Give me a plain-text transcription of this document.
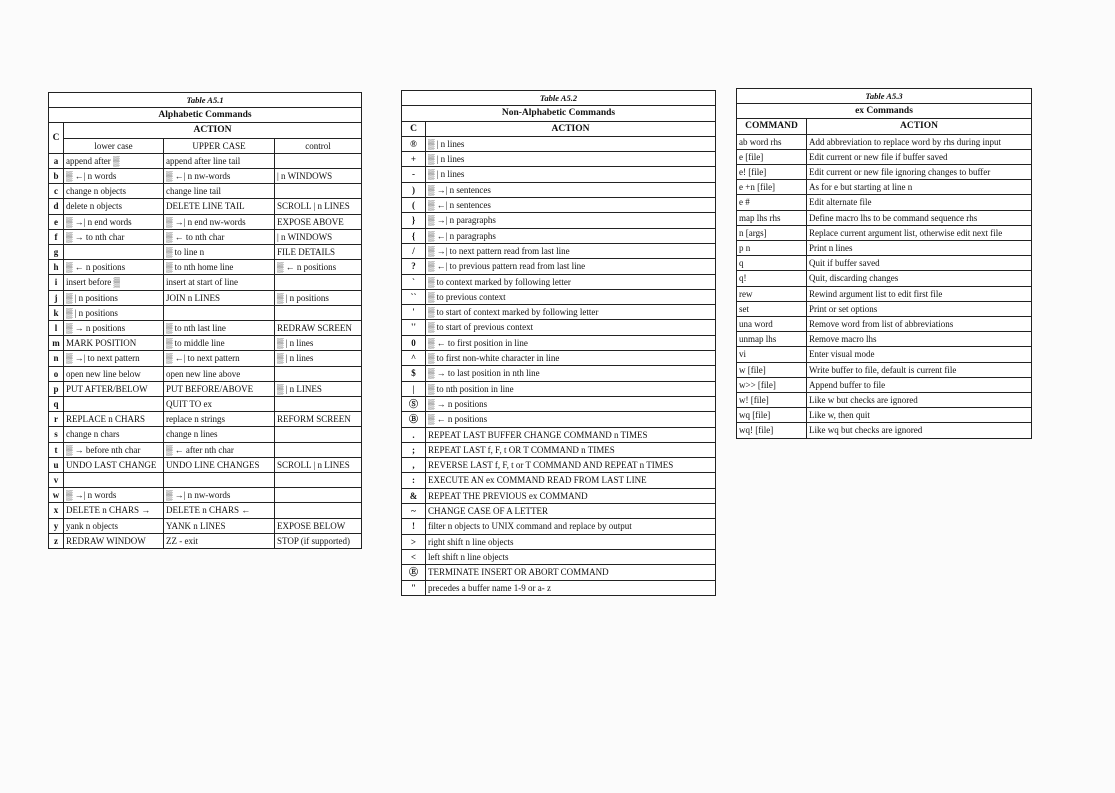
Table A5.1			
Alphabetic Commands			
C	ACTION		
	lower case	UPPER CASE	control
a	append after ▒	append after line tail	
b	▒ ←| n words	▒ ←| n nw-words	| n WINDOWS
c	change n objects	change line tail	
d	delete n objects	DELETE LINE TAIL	SCROLL | n LINES
e	▒ →| n end words	▒ →| n end nw-words	EXPOSE ABOVE
f	▒ → to nth char	▒ ← to nth char	| n WINDOWS
g		▒ to line n	FILE DETAILS
h	▒ ← n positions	▒ to nth home line	▒ ← n positions
i	insert before ▒	insert at start of line	
j	▒ | n positions	JOIN n LINES	▒ | n positions
k	▒ | n positions		
l	▒ → n positions	▒ to nth last line	REDRAW SCREEN
m	MARK POSITION	▒ to middle line	▒ | n lines
n	▒ →| to next pattern	▒ ←| to next pattern	▒ | n lines
o	open new line below	open new line above	
p	PUT AFTER/BELOW	PUT BEFORE/ABOVE	▒ | n LINES
q		QUIT TO ex	
r	REPLACE n CHARS	replace n strings	REFORM SCREEN
s	change n chars	change n lines	
t	▒ → before nth char	▒ ← after nth char	
u	UNDO LAST CHANGE	UNDO LINE CHANGES	SCROLL | n LINES
v			
w	▒ →| n words	▒ →| n nw-words	
x	DELETE n CHARS →	DELETE n CHARS ←	
y	yank n objects	YANK n LINES	EXPOSE BELOW
z	REDRAW WINDOW	ZZ - exit	STOP (if supported)
Table A5.2	
Non-Alphabetic Commands	
C	ACTION
®	▒ | n lines
+	▒ | n lines
-	▒ | n lines
)	▒ →| n sentences
(	▒ ←| n sentences
}	▒ →| n paragraphs
{	▒ ←| n paragraphs
/	▒ →| to next pattern read from last line
?	▒ ←| to previous pattern read from last line
`	▒ to context marked by following letter
``	▒ to previous context
'	▒ to start of context marked by following letter
''	▒ to start of previous context
0	▒ ← to first position in line
^	▒ to first non-white character in line
$	▒ → to last position in nth line
|	▒ to nth position in line
Ⓢ	▒ → n positions
Ⓑ	▒ ← n positions
.	REPEAT LAST BUFFER CHANGE COMMAND n TIMES
;	REPEAT LAST f, F, t OR T COMMAND n TIMES
,	REVERSE LAST f, F, t or T COMMAND AND REPEAT n TIMES
:	EXECUTE AN ex COMMAND READ FROM LAST LINE
&	REPEAT THE PREVIOUS ex COMMAND
~	CHANGE CASE OF A LETTER
!	filter n objects to UNIX command and replace by output
>	right shift n line objects
<	left shift n line objects
Ⓔ	TERMINATE INSERT OR ABORT COMMAND
"	precedes a buffer name 1-9 or a- z
Table A5.3	
ex Commands	
COMMAND	ACTION
ab word rhs	Add abbreviation to replace word by rhs during input
e [file]	Edit current or new file if buffer saved
e! [file]	Edit current or new file ignoring changes to buffer
e +n [file]	As for e but starting at line n
e #	Edit alternate file
map lhs rhs	Define macro lhs to be command sequence rhs
n [args]	Replace current argument list, otherwise edit next file
p n	Print n lines
q	Quit if buffer saved
q!	Quit, discarding changes
rew	Rewind argument list to edit first file
set	Print or set options
una word	Remove word from list of abbreviations
unmap lhs	Remove macro lhs
vi	Enter visual mode
w [file]	Write buffer to file, default is current file
w>> [file]	Append buffer to file
w! [file]	Like w but checks are ignored
wq [file]	Like w, then quit
wq! [file]	Like wq but checks are ignored
